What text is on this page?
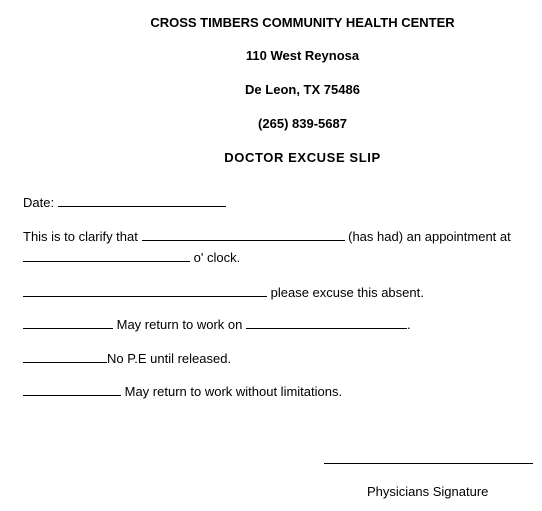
CROSS TIMBERS COMMUNITY HEALTH CENTER
110 West Reynosa
De Leon, TX 75486
(265) 839-5687
DOCTOR EXCUSE SLIP
Date:
This is to clarify that	(has had) an appointment at
o' clock.
please excuse this absent.
May return to work on	.
No P.E until released.
May return to work without limitations.
Physicians Signature
